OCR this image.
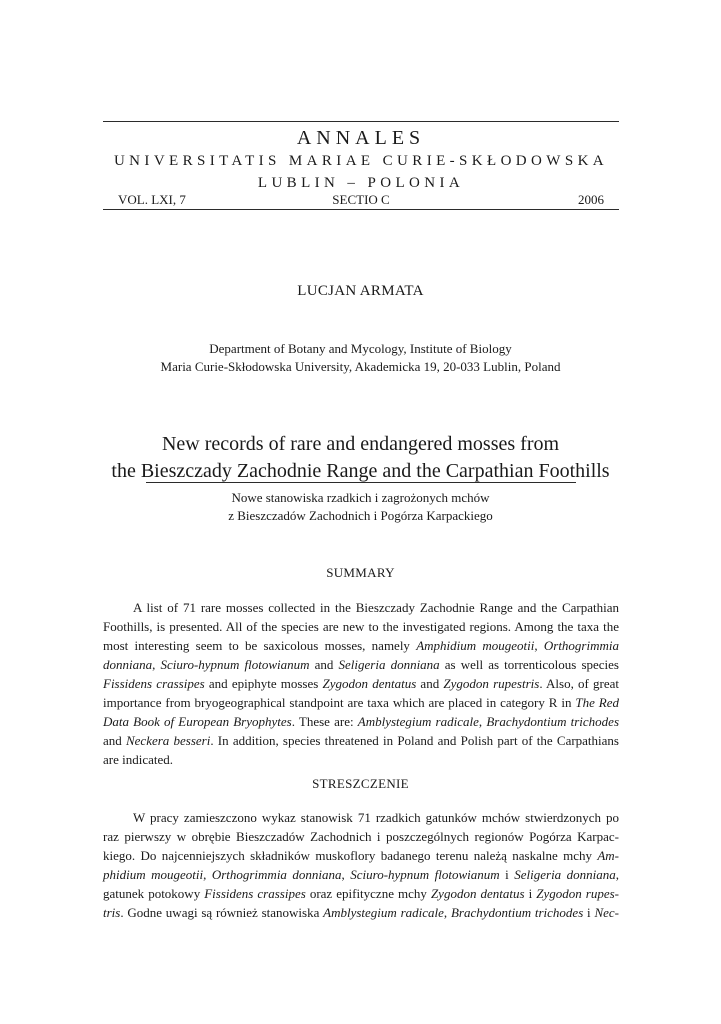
ANNALES
UNIVERSITATIS MARIAE CURIE-SKŁODOWSKA
LUBLIN – POLONIA
VOL. LXI, 7	SECTIO C	2006
LUCJAN ARMATA
Department of Botany and Mycology, Institute of Biology
Maria Curie-Skłodowska University, Akademicka 19, 20-033 Lublin, Poland
New records of rare and endangered mosses from
the Bieszczady Zachodnie Range and the Carpathian Foothills
Nowe stanowiska rzadkich i zagrożonych mchów
z Bieszczadów Zachodnich i Pogórza Karpackiego
SUMMARY
A list of 71 rare mosses collected in the Bieszczady Zachodnie Range and the Carpathian
Foothills, is presented. All of the species are new to the investigated regions. Among the taxa the
most interesting seem to be saxicolous mosses, namely Amphidium mougeotii, Orthogrimmia
donniana, Sciuro-hypnum flotowianum and Seligeria donniana as well as torrenticolous species
Fissidens crassipes and epiphyte mosses Zygodon dentatus and Zygodon rupestris. Also, of great
importance from bryogeographical standpoint are taxa which are placed in category R in The Red
Data Book of European Bryophytes. These are: Amblystegium radicale, Brachydontium trichodes
and Neckera besseri. In addition, species threatened in Poland and Polish part of the Carpathians
are indicated.
STRESZCZENIE
W pracy zamieszczono wykaz stanowisk 71 rzadkich gatunków mchów stwierdzonych po
raz pierwszy w obrębie Bieszczadów Zachodnich i poszczególnych regionów Pogórza Karpac-
kiego. Do najcenniejszych składników muskoflory badanego terenu należą naskalne mchy Am-
phidium mougeotii, Orthogrimmia donniana, Sciuro-hypnum flotowianum i Seligeria donniana,
gatunek potokowy Fissidens crassipes oraz epifityczne mchy Zygodon dentatus i Zygodon rupes-
tris. Godne uwagi są również stanowiska Amblystegium radicale, Brachydontium trichodes i Nec-
